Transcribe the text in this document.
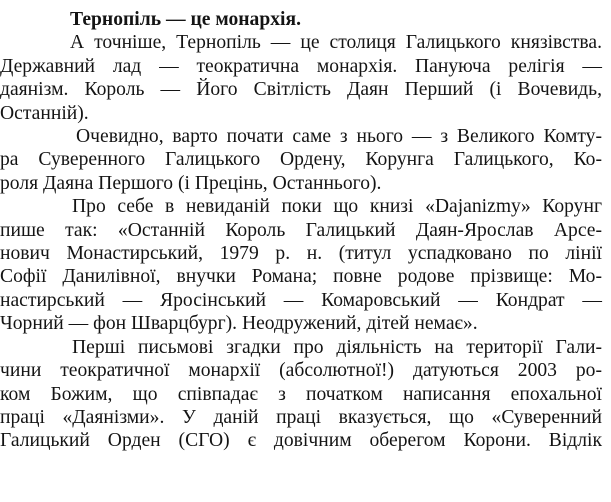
Тернопіль — це монархія.

А точніше, Тернопіль — це столиця Галицького князівства.
Державний лад — теократична монархія. Пануюча релігія —
даянізм. Король — Його Світлість Даян Перший (і Вочевидь,
Останній).

Очевидно, варто почати саме з нього — з Великого Комту-
ра Суверенного Галицького Ордену, Корунга Галицького, Ко-
роля Даяна Першого (і Прецінь, Останнього).

Про себе в невиданій поки що книзі «Dajanizmy» Корунг
пише так: «Останній Король Галицький Даян-Ярослав Арсе-
нович Монастирський, 1979 р. н. (титул успадковано по лінії
Софії Данилівної, внучки Романа; повне родове прізвище: Мо-
настирський — Яросінський — Комаровський — Кондрат —
Чорний — фон Шварцбург). Неодружений, дітей немає».

Перші письмові згадки про діяльність на території Гали-
чини теократичної монархії (абсолютної!) датуються 2003 ро-
ком Божим, що співпадає з початком написання епохальної
праці «Даянізми». У даній праці вказується, що «Суверенний
Галицький Орден (СГО) є довічним оберегом Корони. Відлік
